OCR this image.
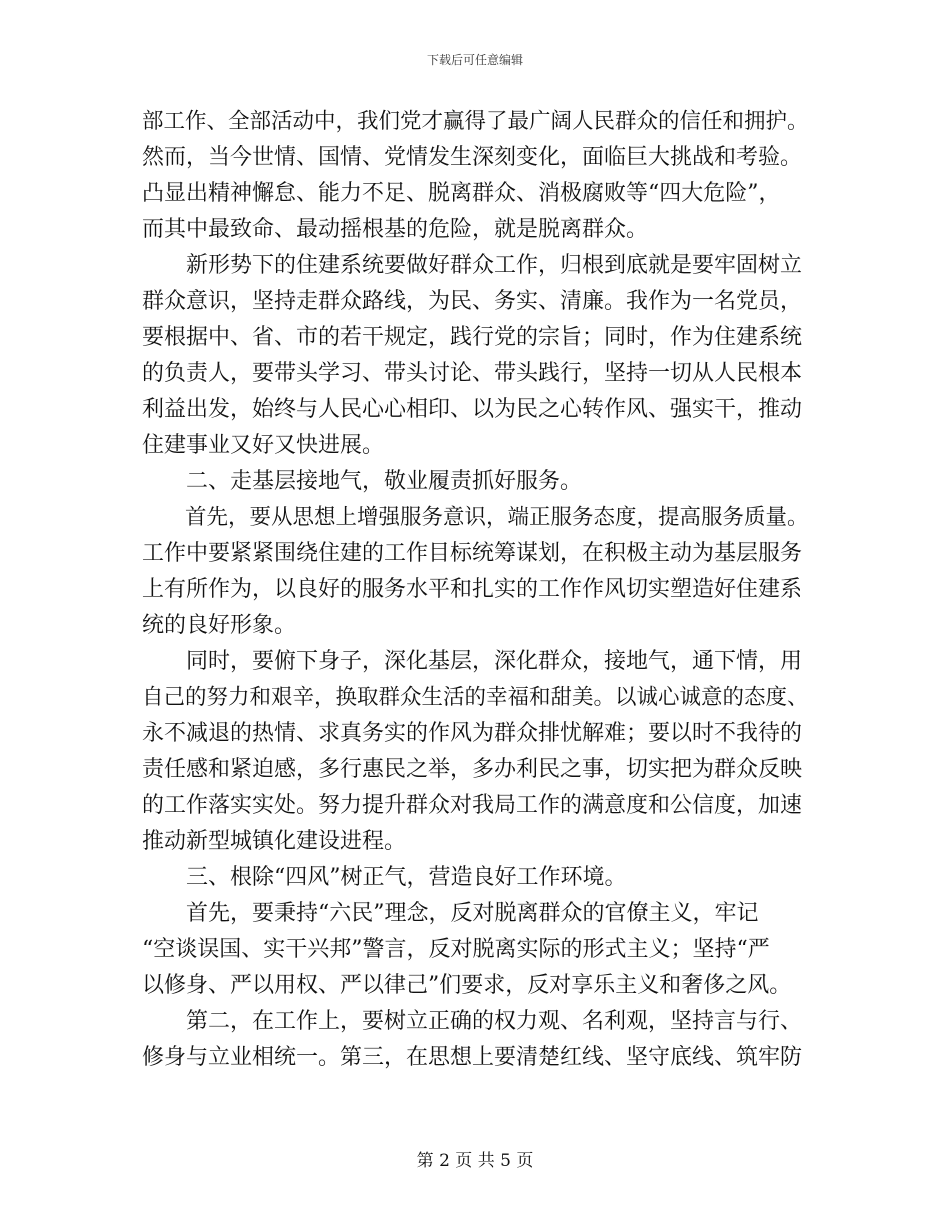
下载后可任意编辑
部工作、全部活动中，我们党才赢得了最广阔人民群众的信任和拥护。
然而，当今世情、国情、党情发生深刻变化，面临巨大挑战和考验。
凸显出精神懈怠、能力不足、脱离群众、消极腐败等“四大危险”，
而其中最致命、最动摇根基的危险，就是脱离群众。
新形势下的住建系统要做好群众工作，归根到底就是要牢固树立
群众意识，坚持走群众路线，为民、务实、清廉。我作为一名党员，
要根据中、省、市的若干规定，践行党的宗旨；同时，作为住建系统
的负责人，要带头学习、带头讨论、带头践行，坚持一切从人民根本
利益出发，始终与人民心心相印、以为民之心转作风、强实干，推动
住建事业又好又快进展。
二、走基层接地气，敬业履责抓好服务。
首先，要从思想上增强服务意识，端正服务态度，提高服务质量。
工作中要紧紧围绕住建的工作目标统筹谋划，在积极主动为基层服务
上有所作为，以良好的服务水平和扎实的工作作风切实塑造好住建系
统的良好形象。
同时，要俯下身子，深化基层，深化群众，接地气，通下情，用
自己的努力和艰辛，换取群众生活的幸福和甜美。以诚心诚意的态度、
永不减退的热情、求真务实的作风为群众排忧解难；要以时不我待的
责任感和紧迫感，多行惠民之举，多办利民之事，切实把为群众反映
的工作落实实处。努力提升群众对我局工作的满意度和公信度，加速
推动新型城镇化建设进程。
三、根除“四风”树正气，营造良好工作环境。
首先，要秉持“六民”理念，反对脱离群众的官僚主义，牢记
“空谈误国、实干兴邦”警言，反对脱离实际的形式主义；坚持“严
以修身、严以用权、严以律己”们要求，反对享乐主义和奢侈之风。
第二，在工作上，要树立正确的权力观、名利观，坚持言与行、
修身与立业相统一。第三，在思想上要清楚红线、坚守底线、筑牢防
第 2 页 共 5 页
